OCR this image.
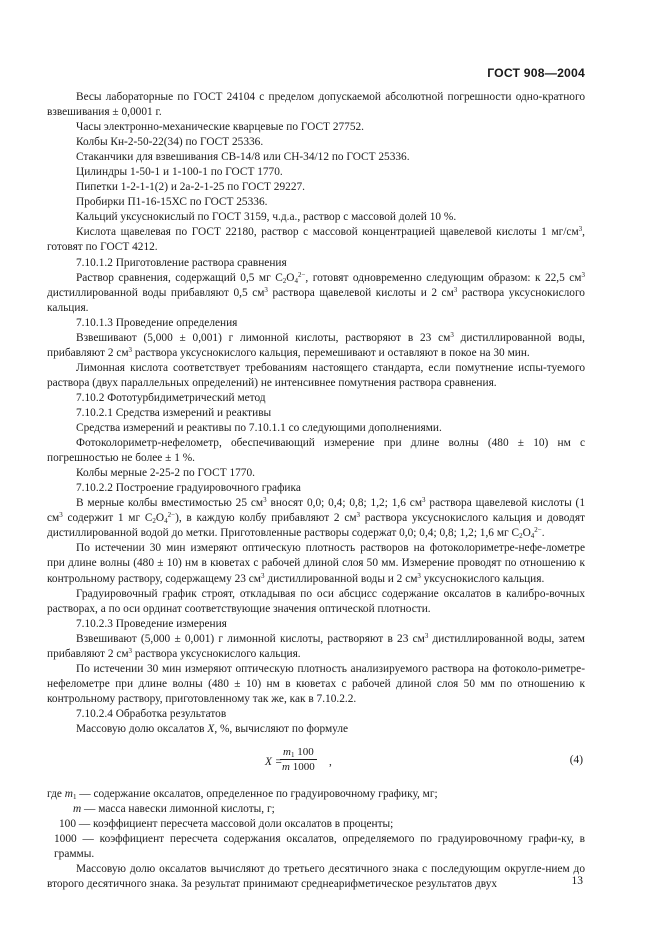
ГОСТ 908—2004

Весы лабораторные по ГОСТ 24104 с пределом допускаемой абсолютной погрешности одно-кратного взвешивания ± 0,0001 г.

Часы электронно-механические кварцевые по ГОСТ 27752.

Колбы Кн-2-50-22(34) по ГОСТ 25336.

Стаканчики для взвешивания СВ-14/8 или СН-34/12 по ГОСТ 25336.

Цилиндры 1-50-1 и 1-100-1 по ГОСТ 1770.

Пипетки 1-2-1-1(2) и 2а-2-1-25 по ГОСТ 29227.

Пробирки П1-16-15ХС по ГОСТ 25336.

Кальций уксуснокислый по ГОСТ 3159, ч.д.а., раствор с массовой долей 10 %.

Кислота щавелевая по ГОСТ 22180, раствор с массовой концентрацией щавелевой кислоты 1 $мг/см^3$, готовят по ГОСТ 4212.

7.10.1.2 Приготовление раствора сравнения

Раствор сравнения, содержащий 0,5 мг $C_2O_4^{2-}$, готовят одновременно следующим образом: к 22,5 $см^3$ дистиллированной воды прибавляют 0,5 $см^3$ раствора щавелевой кислоты и 2 $см^3$ раствора уксуснокислого кальция.

7.10.1.3 Проведение определения

Взвешивают (5,000 ± 0,001) г лимонной кислоты, растворяют в 23 $см^3$ дистиллированной воды, прибавляют 2 $см^3$ раствора уксуснокислого кальция, перемешивают и оставляют в покое на 30 мин.

Лимонная кислота соответствует требованиям настоящего стандарта, если помутнение испы-туемого раствора (двух параллельных определений) не интенсивнее помутнения раствора сравнения.

7.10.2 Фототурбидиметрический метод

7.10.2.1 Средства измерений и реактивы

Средства измерений и реактивы по 7.10.1.1 со следующими дополнениями.

Фотоколориметр-нефелометр, обеспечивающий измерение при длине волны (480 ± 10) нм с погрешностью не более ± 1 %.

Колбы мерные 2-25-2 по ГОСТ 1770.

7.10.2.2 Построение градуировочного графика

В мерные колбы вместимостью 25 $см^3$ вносят 0,0; 0,4; 0,8; 1,2; 1,6 $см^3$ раствора щавелевой кислоты (1 $см^3$ содержит 1 мг $C_2O_4^{2-}$), в каждую колбу прибавляют 2 $см^3$ раствора уксуснокислого кальция и доводят дистиллированной водой до метки. Приготовленные растворы содержат 0,0; 0,4; 0,8; 1,2; 1,6 мг $C_2O_4^{2-}$.

По истечении 30 мин измеряют оптическую плотность растворов на фотоколориметре-нефе-лометре при длине волны (480 ± 10) нм в кюветах с рабочей длиной слоя 50 мм. Измерение проводят по отношению к контрольному раствору, содержащему 23 $см^3$ дистиллированной воды и 2 $см^3$ уксуснокислого кальция.

Градуировочный график строят, откладывая по оси абсцисс содержание оксалатов в калибро-вочных растворах, а по оси ординат соответствующие значения оптической плотности.

7.10.2.3 Проведение измерения

Взвешивают (5,000 ± 0,001) г лимонной кислоты, растворяют в 23 $см^3$ дистиллированной воды, затем прибавляют 2 $см^3$ раствора уксуснокислого кальция.

По истечении 30 мин измеряют оптическую плотность анализируемого раствора на фотоколо-риметре-нефелометре при длине волны (480 ± 10) нм в кюветах с рабочей длиной слоя 50 мм по отношению к контрольному раствору, приготовленному так же, как в 7.10.2.2.

7.10.2.4 Обработка результатов

Массовую долю оксалатов X, %, вычисляют по формуле

X =
$\frac{m_1 100}{m 1000}$ ,	(4)

где $m_1$ — содержание оксалатов, определенное по градуировочному графику, мг;

m — масса навески лимонной кислоты, г;

100 — коэффициент пересчета массовой доли оксалатов в проценты;

1000 — коэффициент пересчета содержания оксалатов, определяемого по градуировочному графи-ку, в граммы.

Массовую долю оксалатов вычисляют до третьего десятичного знака с последующим округле-нием до второго десятичного знака. За результат принимают среднеарифметическое результатов двух	13
